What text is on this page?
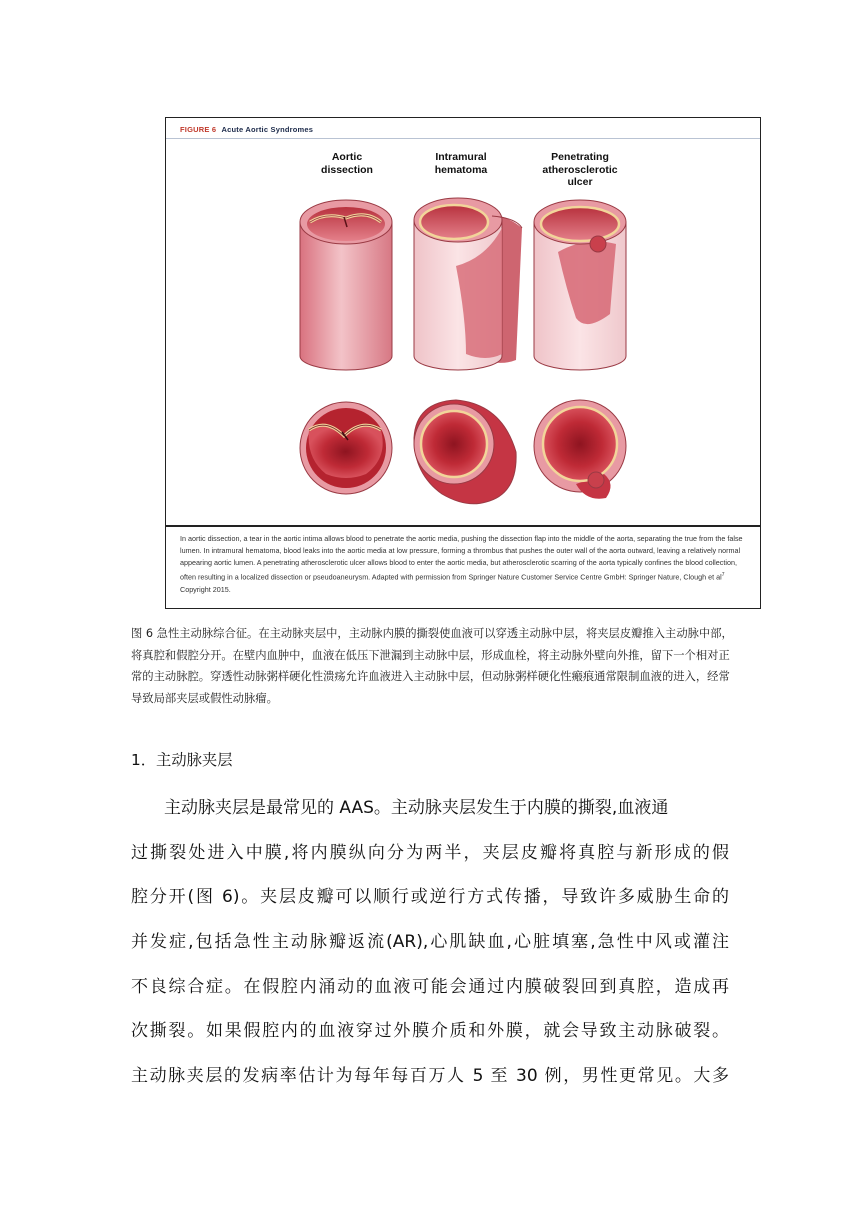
FIGURE 6 Acute Aortic Syndromes
Aortic
dissection
Intramural
hematoma
Penetrating
atherosclerotic
ulcer
In aortic dissection, a tear in the aortic intima allows blood to penetrate the aortic media, pushing the dissection flap into the middle of the aorta, separating the true from the false lumen. In intramural hematoma, blood leaks into the aortic media at low pressure, forming a thrombus that pushes the outer wall of the aorta outward, leaving a relatively normal appearing aortic lumen. A penetrating atherosclerotic ulcer allows blood to enter the aortic media, but atherosclerotic scarring of the aorta typically confines the blood collection, often resulting in a localized dissection or pseudoaneurysm. Adapted with permission from Springer Nature Customer Service Centre GmbH: Springer Nature, Clough et $al^7$ Copyright 2015.
图 6 急性主动脉综合征。在主动脉夹层中，主动脉内膜的撕裂使血液可以穿透主动脉中层，将夹层皮瓣推入主动脉中部，将真腔和假腔分开。在壁内血肿中，血液在低压下泄漏到主动脉中层，形成血栓，将主动脉外壁向外推，留下一个相对正常的主动脉腔。穿透性动脉粥样硬化性溃疡允许血液进入主动脉中层，但动脉粥样硬化性瘢痕通常限制血液的进入，经常导致局部夹层或假性动脉瘤。
1．主动脉夹层
主动脉夹层是最常见的 AAS。主动脉夹层发生于内膜的撕裂,血液通
过撕裂处进入中膜,将内膜纵向分为两半，夹层皮瓣将真腔与新形成的假
腔分开(图 6)。夹层皮瓣可以顺行或逆行方式传播，导致许多威胁生命的
并发症,包括急性主动脉瓣返流(AR),心肌缺血,心脏填塞,急性中风或灌注
不良综合症。在假腔内涌动的血液可能会通过内膜破裂回到真腔，造成再
次撕裂。如果假腔内的血液穿过外膜介质和外膜，就会导致主动脉破裂。
主动脉夹层的发病率估计为每年每百万人 5 至 30 例，男性更常见。大多
